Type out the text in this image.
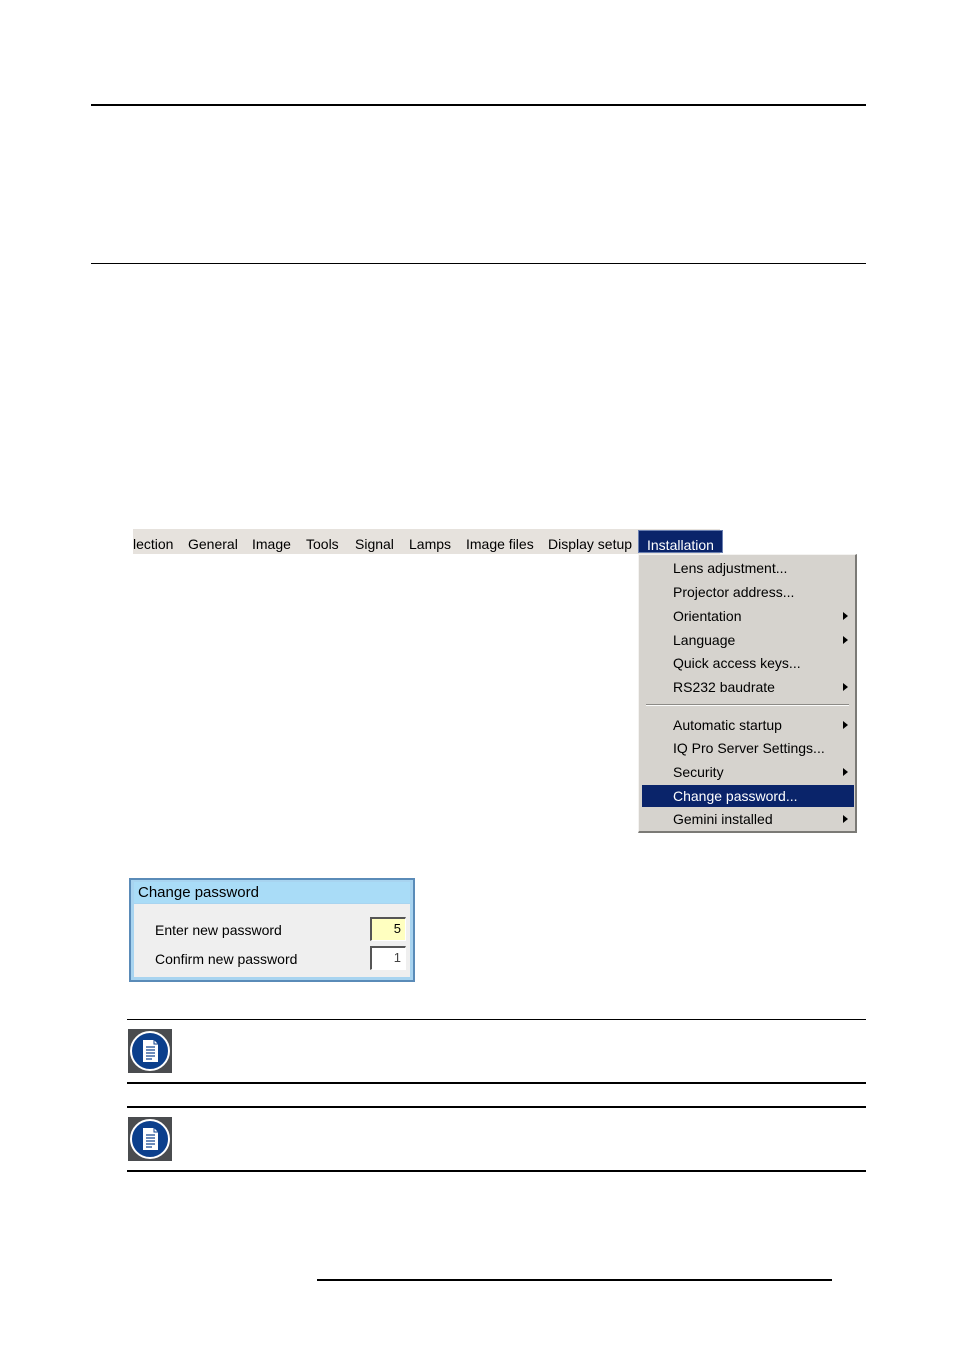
lection General Image Tools Signal Lamps Image files Display setup	Installation
Lens adjustment...
Projector address...
Orientation
Language
Quick access keys...
RS232 baudrate
Automatic startup
IQ Pro Server Settings...
Security
Change password...
Gemini installed
Change password
Enter new password	5
Confirm new password	1
